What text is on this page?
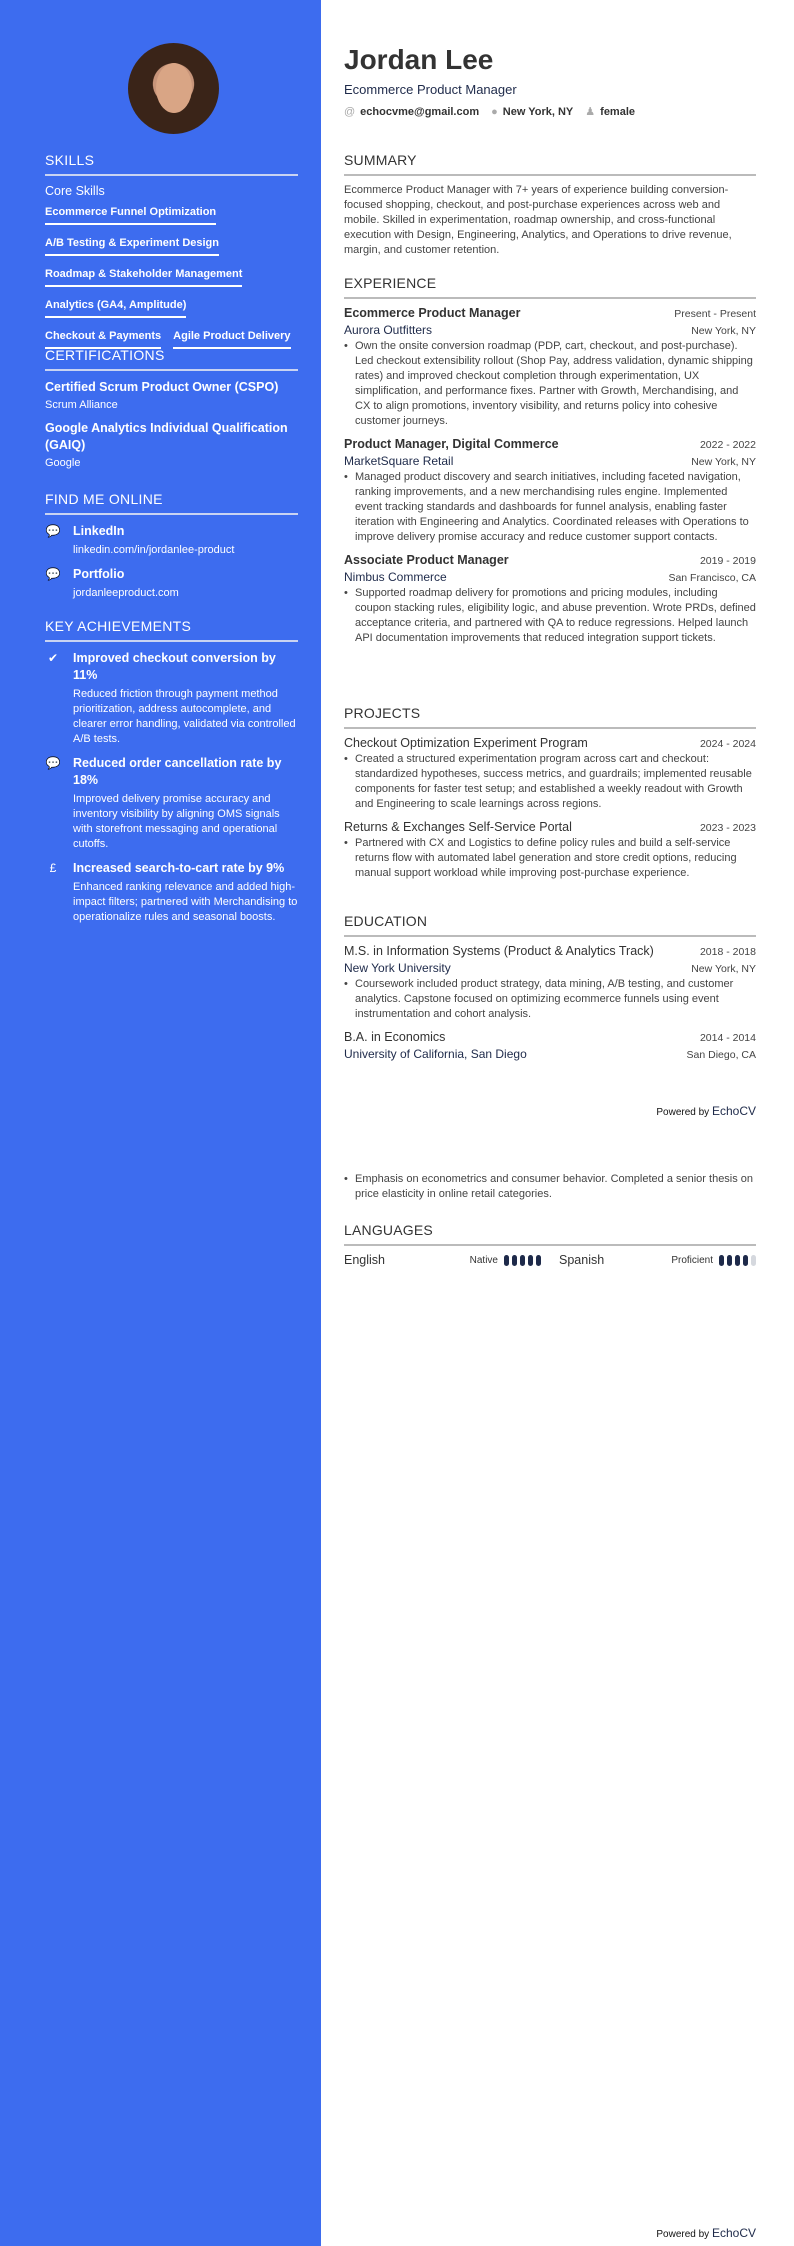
SKILLS
Core Skills
Ecommerce Funnel Optimization
A/B Testing & Experiment Design
Roadmap & Stakeholder Management
Analytics (GA4, Amplitude)
Checkout & Payments Agile Product Delivery
CERTIFICATIONS
Certified Scrum Product Owner (CSPO)
Scrum Alliance
Google Analytics Individual Qualification (GAIQ)
Google
FIND ME ONLINE
💬 LinkedIn
linkedin.com/in/jordanlee-product
💬 Portfolio
jordanleeproduct.com
KEY ACHIEVEMENTS
✔ Improved checkout conversion by 11%
Reduced friction through payment method prioritization, address autocomplete, and clearer error handling, validated via controlled A/B tests.
💬 Reduced order cancellation rate by 18%
Improved delivery promise accuracy and inventory visibility by aligning OMS signals with storefront messaging and operational cutoffs.
£	Increased search-to-cart rate by 9%
Enhanced ranking relevance and added high-impact filters; partnered with Merchandising to operationalize rules and seasonal boosts.
Jordan Lee
Ecommerce Product Manager
@ echocvme@gmail.com ● New York, NY ♟ female
SUMMARY
Ecommerce Product Manager with 7+ years of experience building conversion-focused shopping, checkout, and post-purchase experiences across web and mobile. Skilled in experimentation, roadmap ownership, and cross-functional execution with Design, Engineering, Analytics, and Operations to drive revenue, margin, and customer retention.
EXPERIENCE
Ecommerce Product Manager	Present - Present
Aurora Outfitters	New York, NY
• Own the onsite conversion roadmap (PDP, cart, checkout, and post-purchase). Led checkout extensibility rollout (Shop Pay, address validation, dynamic shipping rates) and improved checkout completion through experimentation, UX simplification, and performance fixes. Partner with Growth, Merchandising, and CX to align promotions, inventory visibility, and returns policy into cohesive customer journeys.
Product Manager, Digital Commerce	2022 - 2022
MarketSquare Retail	New York, NY
• Managed product discovery and search initiatives, including faceted navigation, ranking improvements, and a new merchandising rules engine. Implemented event tracking standards and dashboards for funnel analysis, enabling faster iteration with Engineering and Analytics. Coordinated releases with Operations to improve delivery promise accuracy and reduce customer support contacts.
Associate Product Manager	2019 - 2019
Nimbus Commerce	San Francisco, CA
• Supported roadmap delivery for promotions and pricing modules, including coupon stacking rules, eligibility logic, and abuse prevention. Wrote PRDs, defined acceptance criteria, and partnered with QA to reduce regressions. Helped launch API documentation improvements that reduced integration support tickets.
PROJECTS
Checkout Optimization Experiment Program	2024 - 2024
• Created a structured experimentation program across cart and checkout: standardized hypotheses, success metrics, and guardrails; implemented reusable components for faster test setup; and established a weekly readout with Growth and Engineering to scale learnings across regions.
Returns & Exchanges Self-Service Portal	2023 - 2023
• Partnered with CX and Logistics to define policy rules and build a self-service returns flow with automated label generation and store credit options, reducing manual support workload while improving post-purchase experience.
EDUCATION
M.S. in Information Systems (Product & Analytics Track)	2018 - 2018
New York University	New York, NY
• Coursework included product strategy, data mining, A/B testing, and customer analytics. Capstone focused on optimizing ecommerce funnels using event instrumentation and cohort analysis.
B.A. in Economics	2014 - 2014
University of California, San Diego	San Diego, CA
Powered by EchoCV
• Emphasis on econometrics and consumer behavior. Completed a senior thesis on price elasticity in online retail categories.
LANGUAGES
English	Native	Spanish	Proficient
Powered by EchoCV
